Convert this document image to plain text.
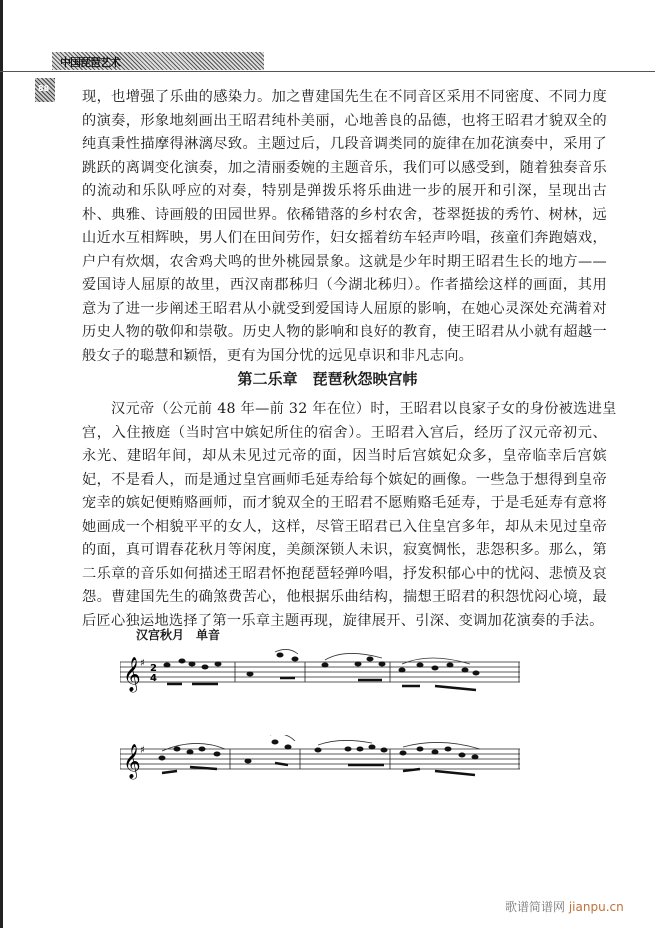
中国琵琶艺术
88
现，也增强了乐曲的感染力。加之曹建国先生在不同音区采用不同密度、不同力度
的演奏，形象地刻画出王昭君纯朴美丽，心地善良的品德，也将王昭君才貌双全的
纯真秉性描摩得淋漓尽致。主题过后，几段音调类同的旋律在加花演奏中，采用了
跳跃的离调变化演奏，加之清丽委婉的主题音乐，我们可以感受到，随着独奏音乐
的流动和乐队呼应的对奏，特别是弹拨乐将乐曲进一步的展开和引深，呈现出古
朴、典雅、诗画般的田园世界。依稀错落的乡村农舍，苍翠挺拔的秀竹、树林，远
山近水互相辉映，男人们在田间劳作，妇女摇着纺车轻声吟唱，孩童们奔跑嬉戏，
户户有炊烟，农舍鸡犬鸣的世外桃园景象。这就是少年时期王昭君生长的地方——
爱国诗人屈原的故里，西汉南郡秭归（今湖北秭归）。作者描绘这样的画面，其用
意为了进一步阐述王昭君从小就受到爱国诗人屈原的影响，在她心灵深处充满着对
历史人物的敬仰和崇敬。历史人物的影响和良好的教育，使王昭君从小就有超越一
般女子的聪慧和颖悟，更有为国分忧的远见卓识和非凡志向。
第二乐章　琵琶秋怨映宫帏
　　汉元帝（公元前 48 年—前 32 年在位）时，王昭君以良家子女的身份被选进皇
宫，入住掖庭（当时宫中嫔妃所住的宿舍）。王昭君入宫后，经历了汉元帝初元、
永光、建昭年间，却从未见过元帝的面，因当时后宫嫔妃众多，皇帝临幸后宫嫔
妃，不是看人，而是通过皇宫画师毛延寿给每个嫔妃的画像。一些急于想得到皇帝
宠幸的嫔妃便贿赂画师，而才貌双全的王昭君不愿贿赂毛延寿，于是毛延寿有意将
她画成一个相貌平平的女人，这样，尽管王昭君已入住皇宫多年，却从未见过皇帝
的面，真可谓春花秋月等闲度，美颜深锁人未识，寂寞惆怅，悲怨积多。那么，第
二乐章的音乐如何描述王昭君怀抱琵琶轻弹吟唱，抒发积郁心中的忧闷、悲愤及哀
怨。曹建国先生的确煞费苦心，他根据乐曲结构，揣想王昭君的积怨忧闷心境，最
后匠心独运地选择了第一乐章主题再现，旋律展开、引深、变调加花演奏的手法。
汉宫秋月　单音
𝄞 ♯ 2
4
𝄞 ♯
歌谱简谱网 jianpu.cn
